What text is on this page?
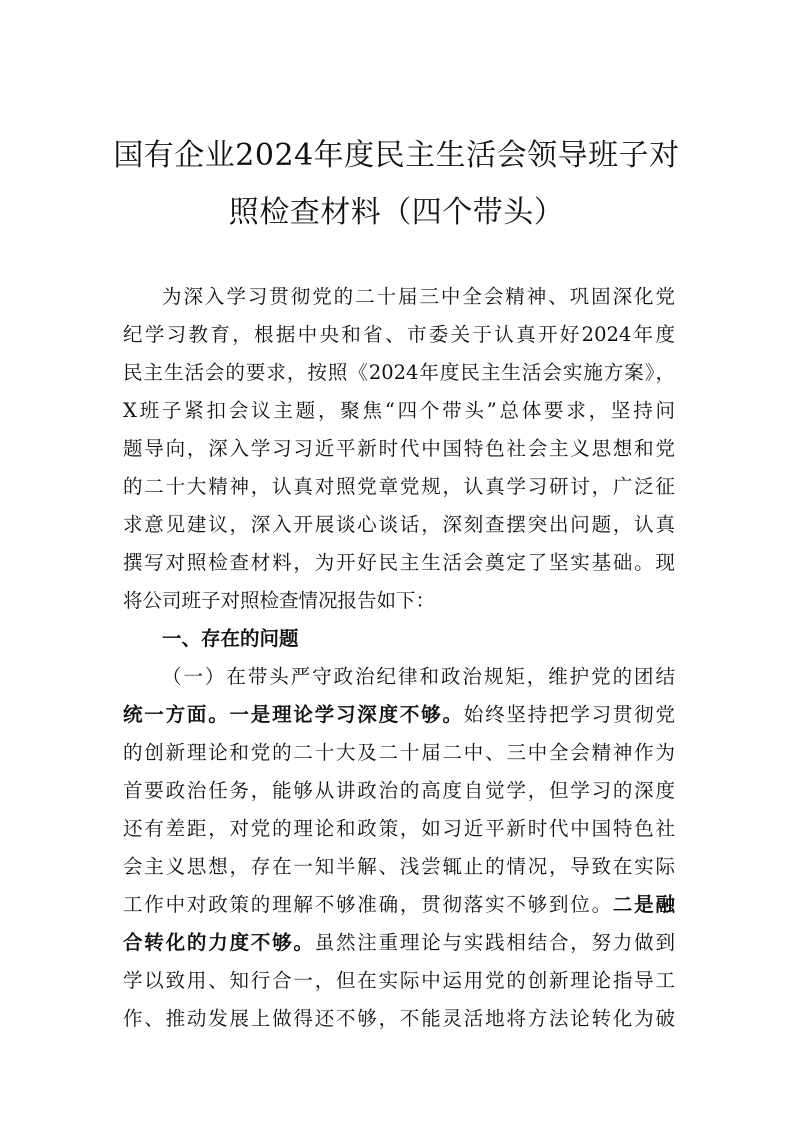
国有企业2024年度民主生活会领导班子对
照检查材料（四个带头）
为深入学习贯彻党的二十届三中全会精神、巩固深化党
纪学习教育，根据中央和省、市委关于认真开好2024年度
民主生活会的要求，按照《2024年度民主生活会实施方案》，
X班子紧扣会议主题，聚焦“四个带头”总体要求，坚持问
题导向，深入学习习近平新时代中国特色社会主义思想和党
的二十大精神，认真对照党章党规，认真学习研讨，广泛征
求意见建议，深入开展谈心谈话，深刻查摆突出问题，认真
撰写对照检查材料，为开好民主生活会奠定了坚实基础。现
将公司班子对照检查情况报告如下：
一、存在的问题
（一）在带头严守政治纪律和政治规矩，维护党的团结
统一方面。一是理论学习深度不够。始终坚持把学习贯彻党
的创新理论和党的二十大及二十届二中、三中全会精神作为
首要政治任务，能够从讲政治的高度自觉学，但学习的深度
还有差距，对党的理论和政策，如习近平新时代中国特色社
会主义思想，存在一知半解、浅尝辄止的情况，导致在实际
工作中对政策的理解不够准确，贯彻落实不够到位。二是融
合转化的力度不够。虽然注重理论与实践相结合，努力做到
学以致用、知行合一，但在实际中运用党的创新理论指导工
作、推动发展上做得还不够，不能灵活地将方法论转化为破
